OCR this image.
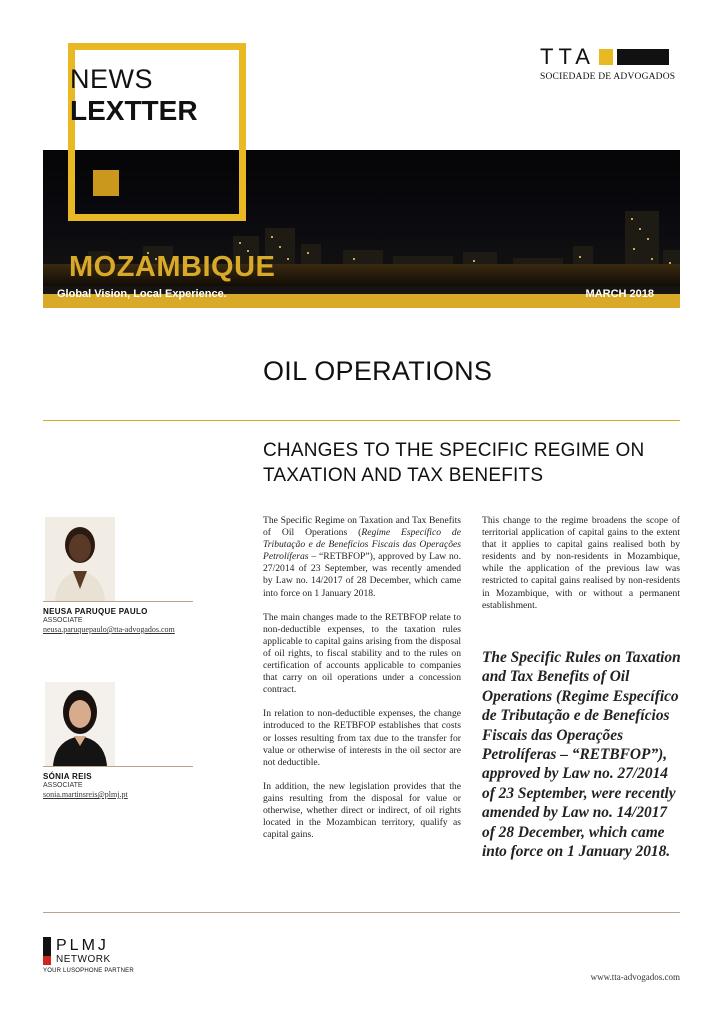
NEWS
LEXTTER
TTA
SOCIEDADE DE ADVOGADOS
MOZAMBIQUE
Global Vision, Local Experience.	MARCH 2018
OIL OPERATIONS
CHANGES TO THE SPECIFIC REGIME ON TAXATION AND TAX BENEFITS
NEUSA PARUQUE PAULO
ASSOCIATE
neusa.paruquepaulo@tta-advogados.com
SÓNIA REIS
ASSOCIATE
sonia.martinsreis@plmj.pt

The Specific Regime on Taxation and Tax Benefits of Oil Operations (Regime Específico de Tributação e de Benefícios Fiscais das Operações Petrolíferas – “RETBFOP”), approved by Law no. 27/2014 of 23 September, was recently amended by Law no. 14/2017 of 28 December, which came into force on 1 January 2018.

The main changes made to the RETBFOP relate to non-deductible expenses, to the taxation rules applicable to capital gains arising from the disposal of oil rights, to fiscal stability and to the rules on certification of accounts applicable to companies that carry on oil operations under a concession contract.

In relation to non-deductible expenses, the change introduced to the RETBFOP establishes that costs or losses resulting from tax due to the transfer for value or otherwise of interests in the oil sector are not deductible.

In addition, the new legislation provides that the gains resulting from the disposal for value or otherwise, whether direct or indirect, of oil rights located in the Mozambican territory, qualify as capital gains.

This change to the regime broadens the scope of territorial application of capital gains to the extent that it applies to capital gains realised both by residents and by non-residents in Mozambique, while the application of the previous law was restricted to capital gains realised by non-residents in Mozambique, with or without a permanent establishment.

The Specific Rules on Taxation and Tax Benefits of Oil Operations (Regime Específico de Tributação e de Benefícios Fiscais das Operações Petrolíferas – “RETBFOP”), approved by Law no. 27/2014 of 23 September, were recently amended by Law no. 14/2017 of 28 December, which came into force on 1 January 2018.
PLMJ
NETWORK
YOUR LUSOPHONE PARTNER
www.tta-advogados.com
